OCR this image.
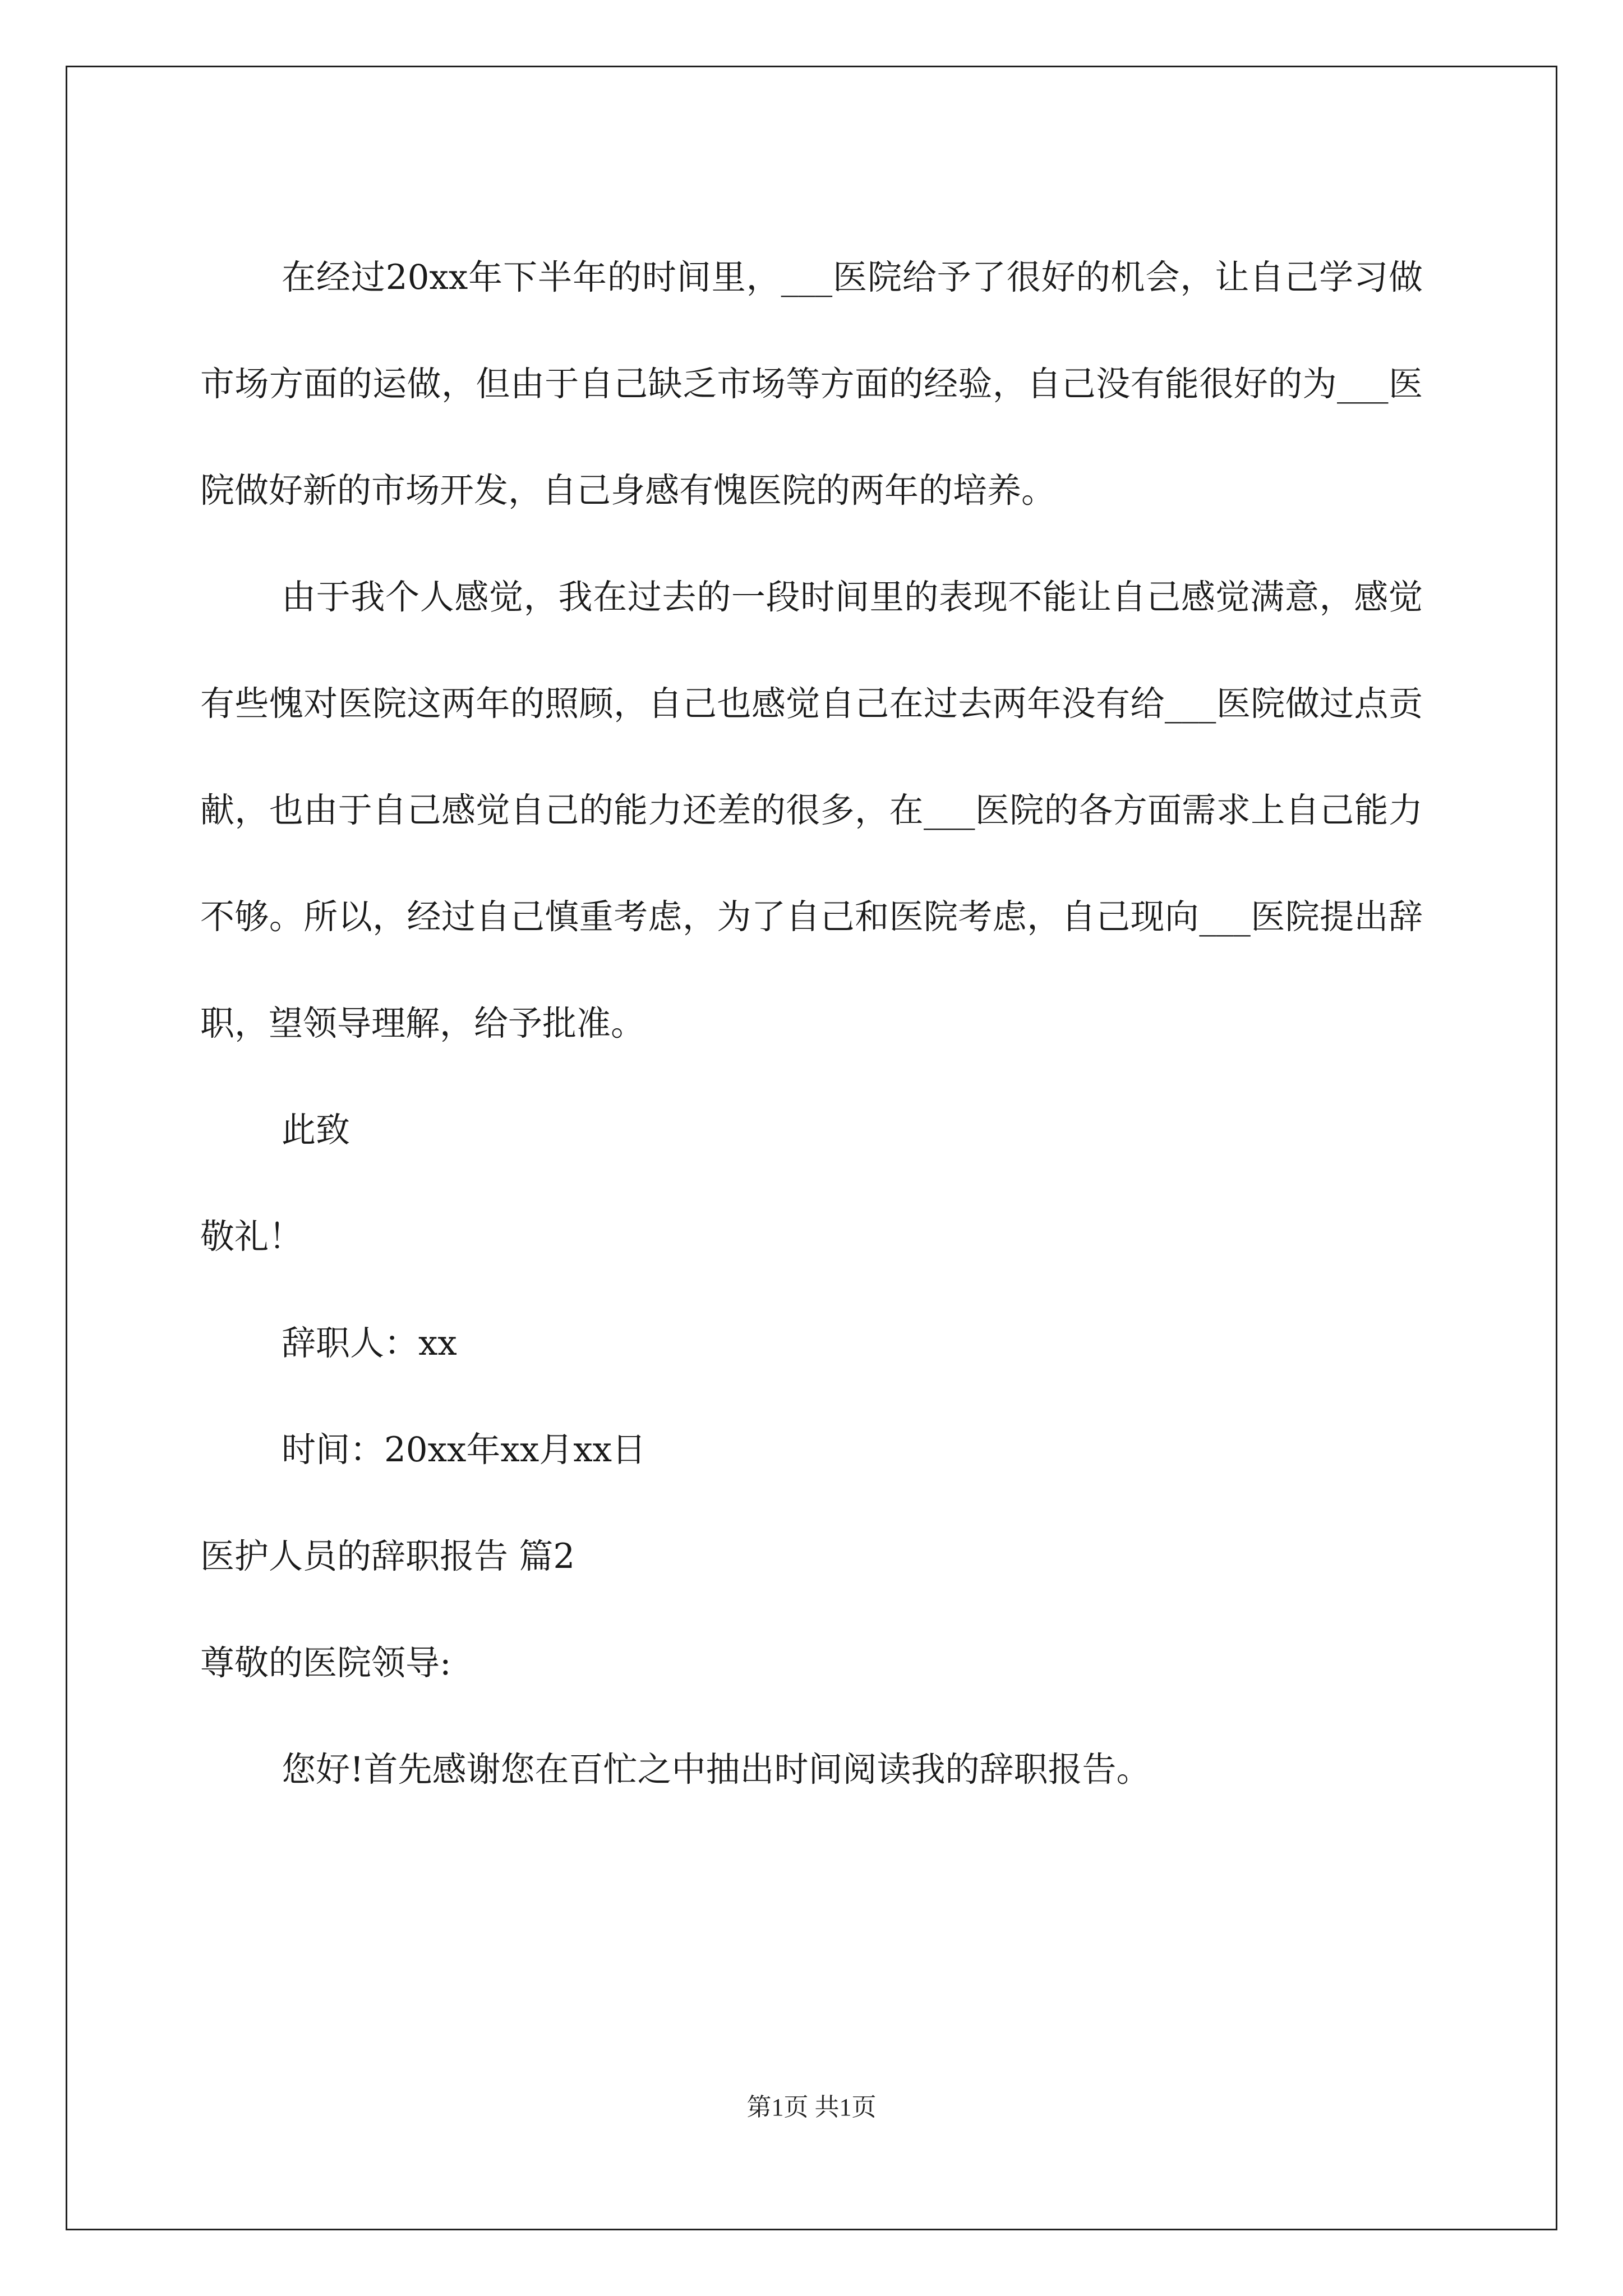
在经过20xx年下半年的时间里，___医院给予了很好的机会，让自己学习做市场方面的运做，但由于自己缺乏市场等方面的经验，自己没有能很好的为___医院做好新的市场开发，自己身感有愧医院的两年的培养。

由于我个人感觉，我在过去的一段时间里的表现不能让自己感觉满意，感觉有些愧对医院这两年的照顾，自己也感觉自己在过去两年没有给___医院做过点贡献，也由于自己感觉自己的能力还差的很多，在___医院的各方面需求上自己能力不够。所以，经过自己慎重考虑，为了自己和医院考虑，自己现向___医院提出辞职，望领导理解，给予批准。

此致

敬礼！

辞职人：xx

时间：20xx年xx月xx日

医护人员的辞职报告 篇2

尊敬的医院领导:

您好!首先感谢您在百忙之中抽出时间阅读我的辞职报告。

第1页 共1页
